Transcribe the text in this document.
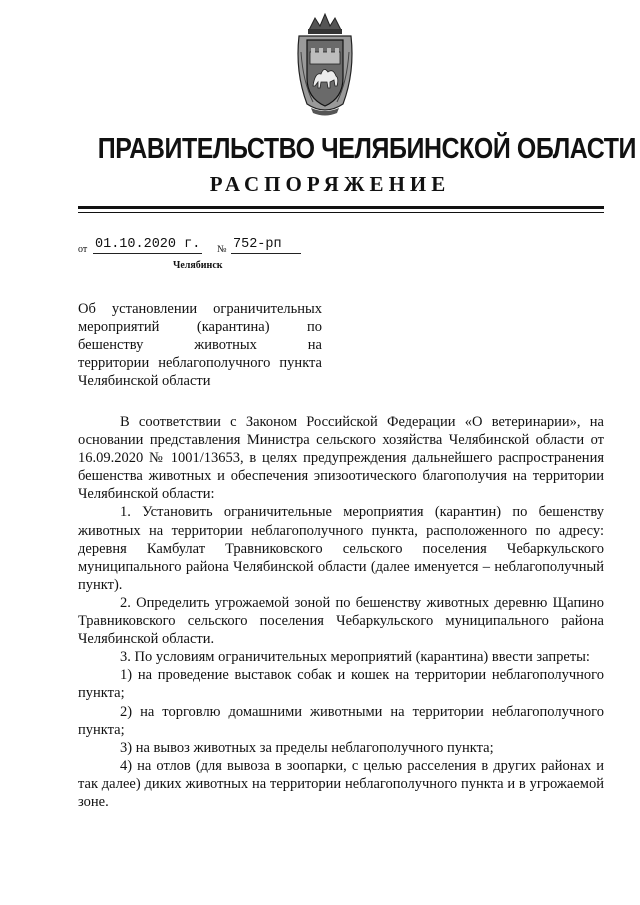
ПРАВИТЕЛЬСТВО ЧЕЛЯБИНСКОЙ ОБЛАСТИ
РАСПОРЯЖЕНИЕ
от 01.10.2020 г. № 752-рп
Челябинск
Об установлении ограничительных
мероприятий (карантина) по
бешенству животных на
территории неблагополучного пункта
Челябинской области

В соответствии с Законом Российской Федерации «О ветеринарии», на основании представления Министра сельского хозяйства Челябинской области от 16.09.2020 № 1001/13653, в целях предупреждения дальнейшего распространения бешенства животных и обеспечения эпизоотического благополучия на территории Челябинской области:

1. Установить ограничительные мероприятия (карантин) по бешенству животных на территории неблагополучного пункта, расположенного по адресу: деревня Камбулат Травниковского сельского поселения Чебаркульского муниципального района Челябинской области (далее именуется – неблагополучный пункт).

2. Определить угрожаемой зоной по бешенству животных деревню Щапино Травниковского сельского поселения Чебаркульского муниципального района Челябинской области.

3. По условиям ограничительных мероприятий (карантина) ввести запреты:

1) на проведение выставок собак и кошек на территории неблагополучного пункта;

2) на торговлю домашними животными на территории неблагополучного пункта;

3) на вывоз животных за пределы неблагополучного пункта;

4) на отлов (для вывоза в зоопарки, с целью расселения в других районах и так далее) диких животных на территории неблагополучного пункта и в угрожаемой зоне.
